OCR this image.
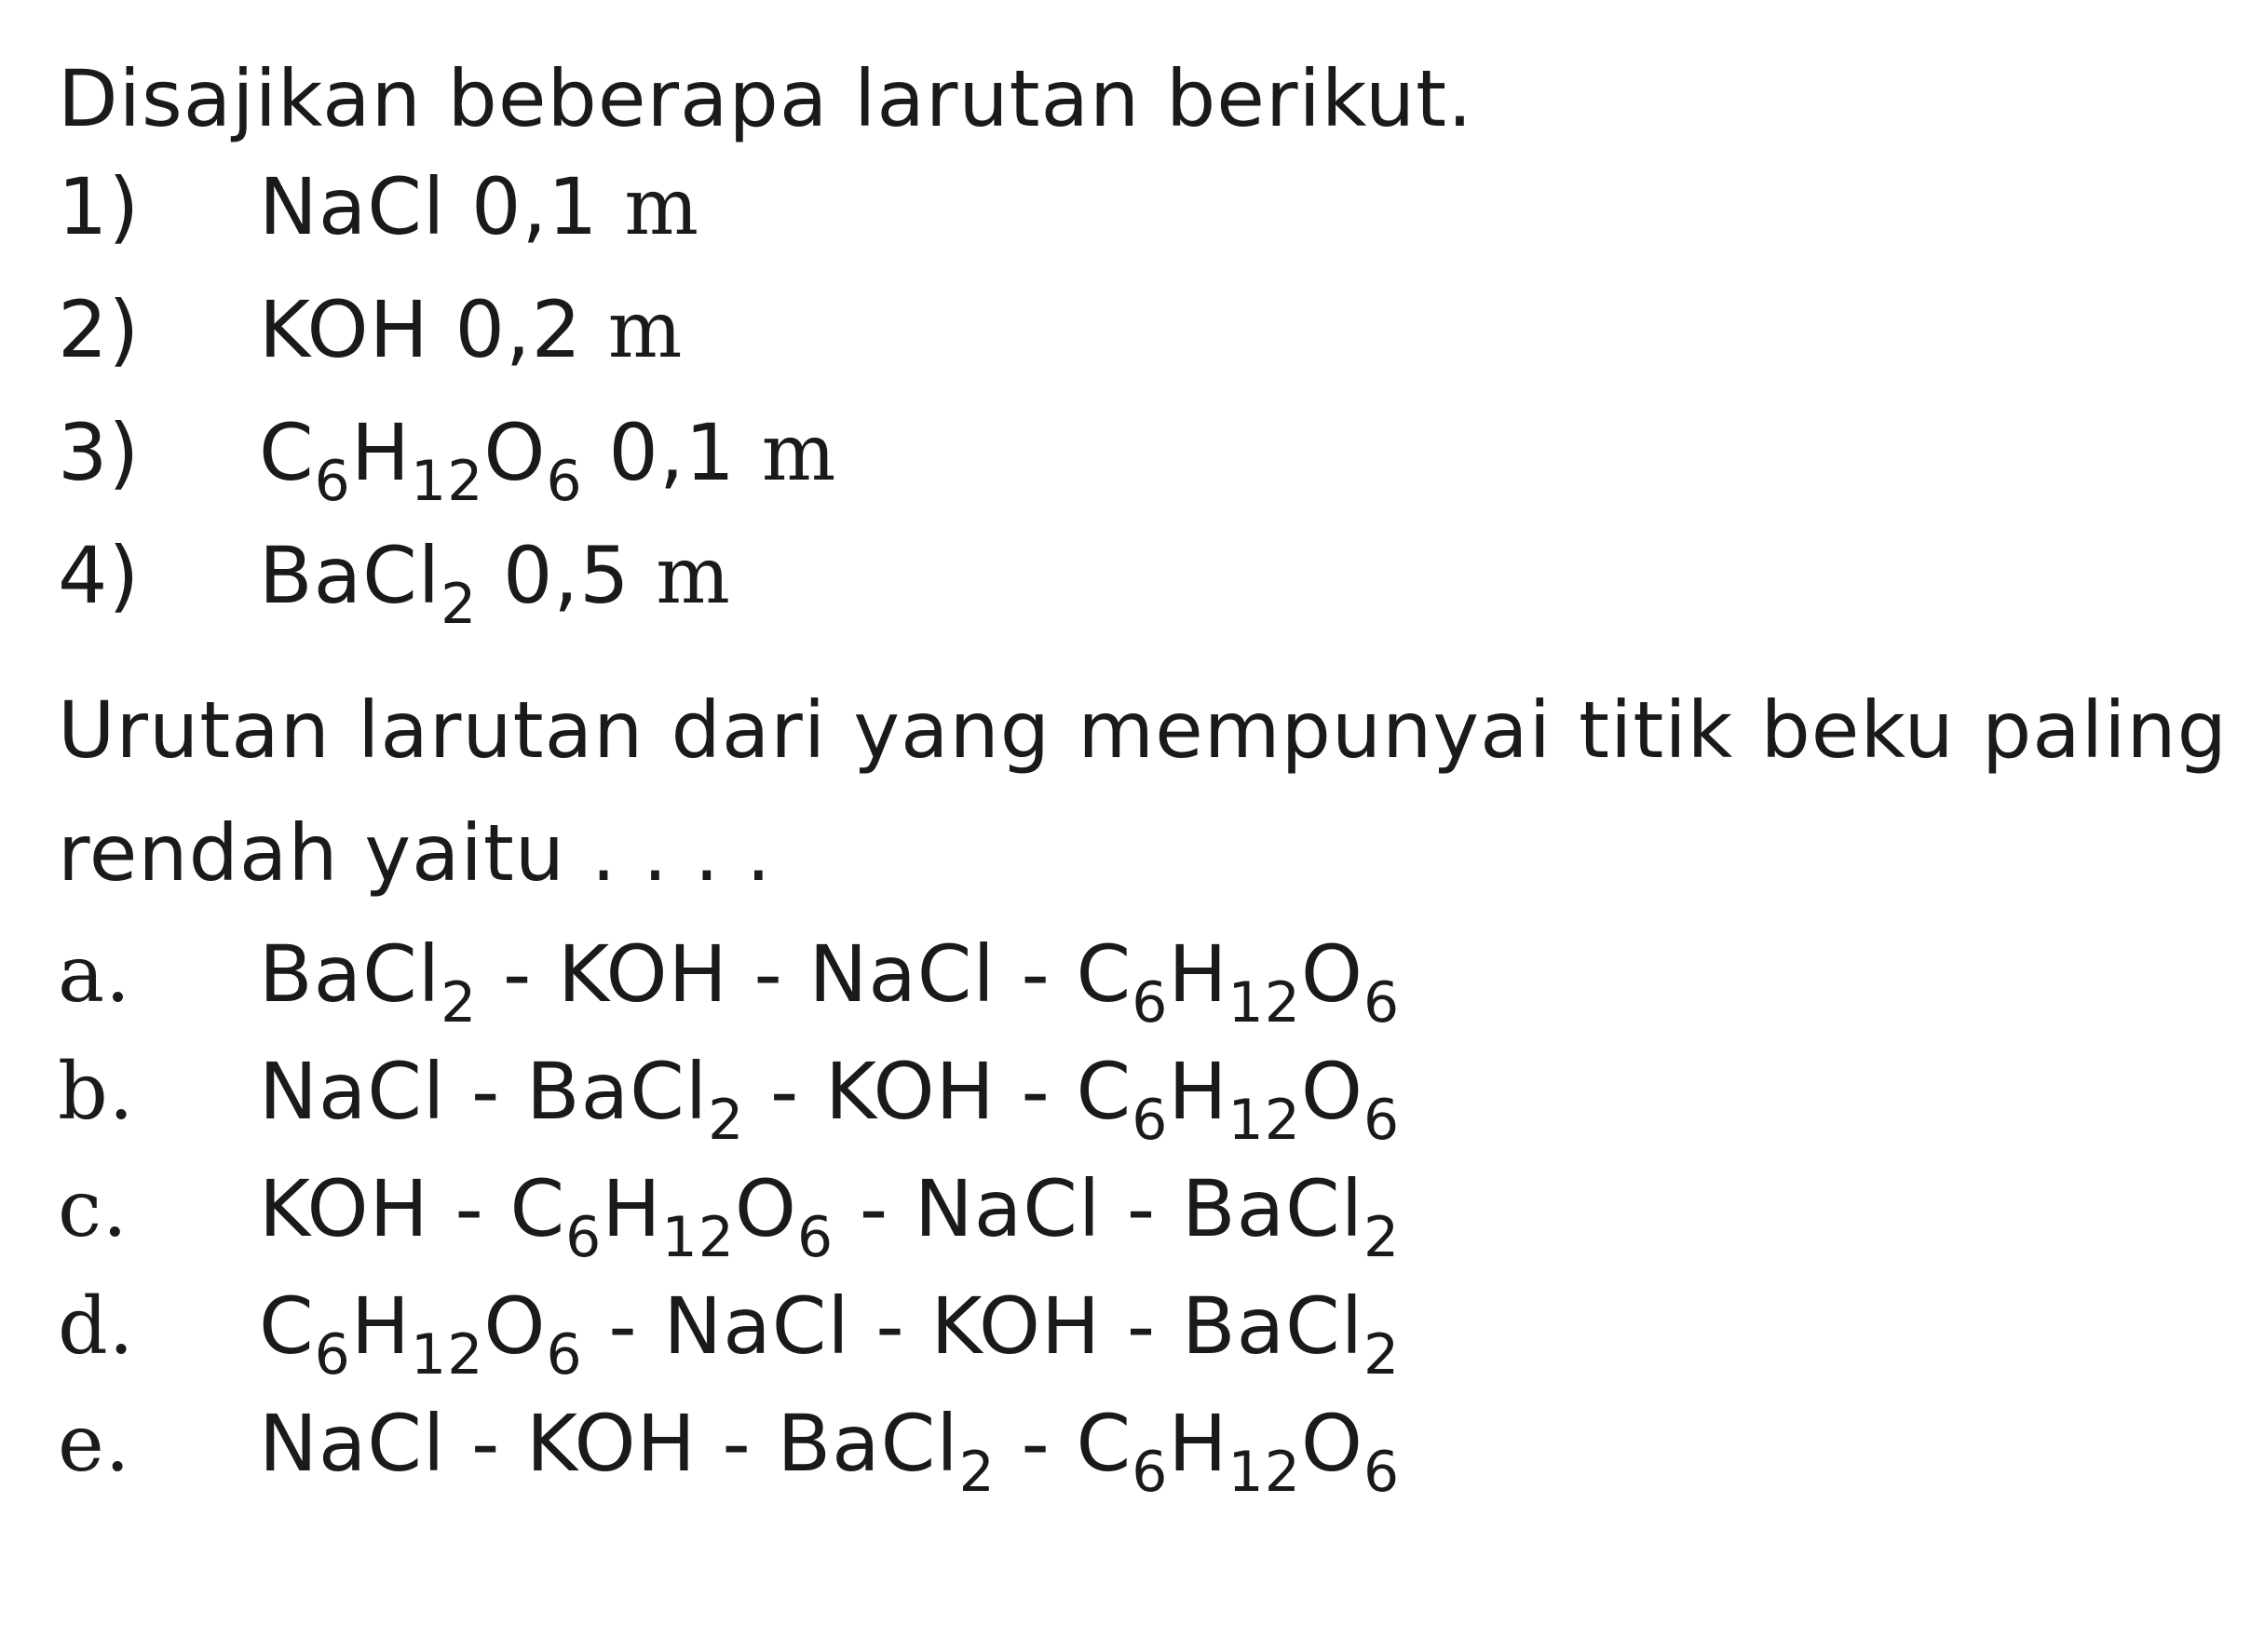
Disajikan beberapa larutan berikut.

1) NaCl 0,1 m
2) KOH 0,2 m
3) $C_6H_{12}O_6$ 0,1 m
4) BaCl$_2$ 0,5 m

Urutan larutan dari yang mempunyai titik beku paling rendah yaitu . . . .

a. BaCl$_2$ - KOH - NaCl - $C_6H_{12}O_6$
b. NaCl - BaCl$_2$ - KOH - $C_6H_{12}O_6$
c. KOH - $C_6H_{12}O_6$ - NaCl - BaCl$_2$
d. $C_6H_{12}O_6$ - NaCl - KOH - BaCl$_2$
e. NaCl - KOH - BaCl$_2$ - $C_6H_{12}O_6$
